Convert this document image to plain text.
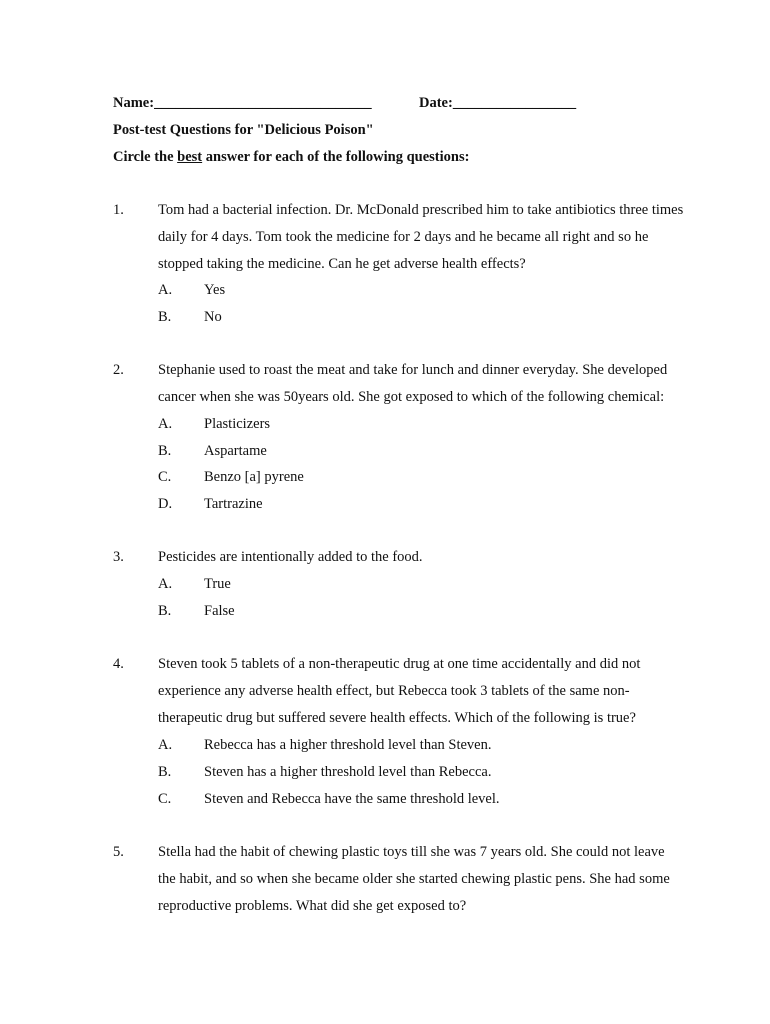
Name:______________________________	Date:_________________
Post-test Questions for "Delicious Poison"
Circle the best answer for each of the following questions:
1. Tom had a bacterial infection. Dr. McDonald prescribed him to take antibiotics three times
daily for 4 days. Tom took the medicine for 2 days and he became all right and so he
stopped taking the medicine. Can he get adverse health effects?
A. Yes
B. No
2. Stephanie used to roast the meat and take for lunch and dinner everyday. She developed
cancer when she was 50years old. She got exposed to which of the following chemical:
A. Plasticizers
B. Aspartame
C. Benzo [a] pyrene
D. Tartrazine
3. Pesticides are intentionally added to the food.
A. True
B. False
4. Steven took 5 tablets of a non-therapeutic drug at one time accidentally and did not
experience any adverse health effect, but Rebecca took 3 tablets of the same non-
therapeutic drug but suffered severe health effects. Which of the following is true?
A. Rebecca has a higher threshold level than Steven.
B. Steven has a higher threshold level than Rebecca.
C. Steven and Rebecca have the same threshold level.
5. Stella had the habit of chewing plastic toys till she was 7 years old. She could not leave
the habit, and so when she became older she started chewing plastic pens. She had some
reproductive problems. What did she get exposed to?
